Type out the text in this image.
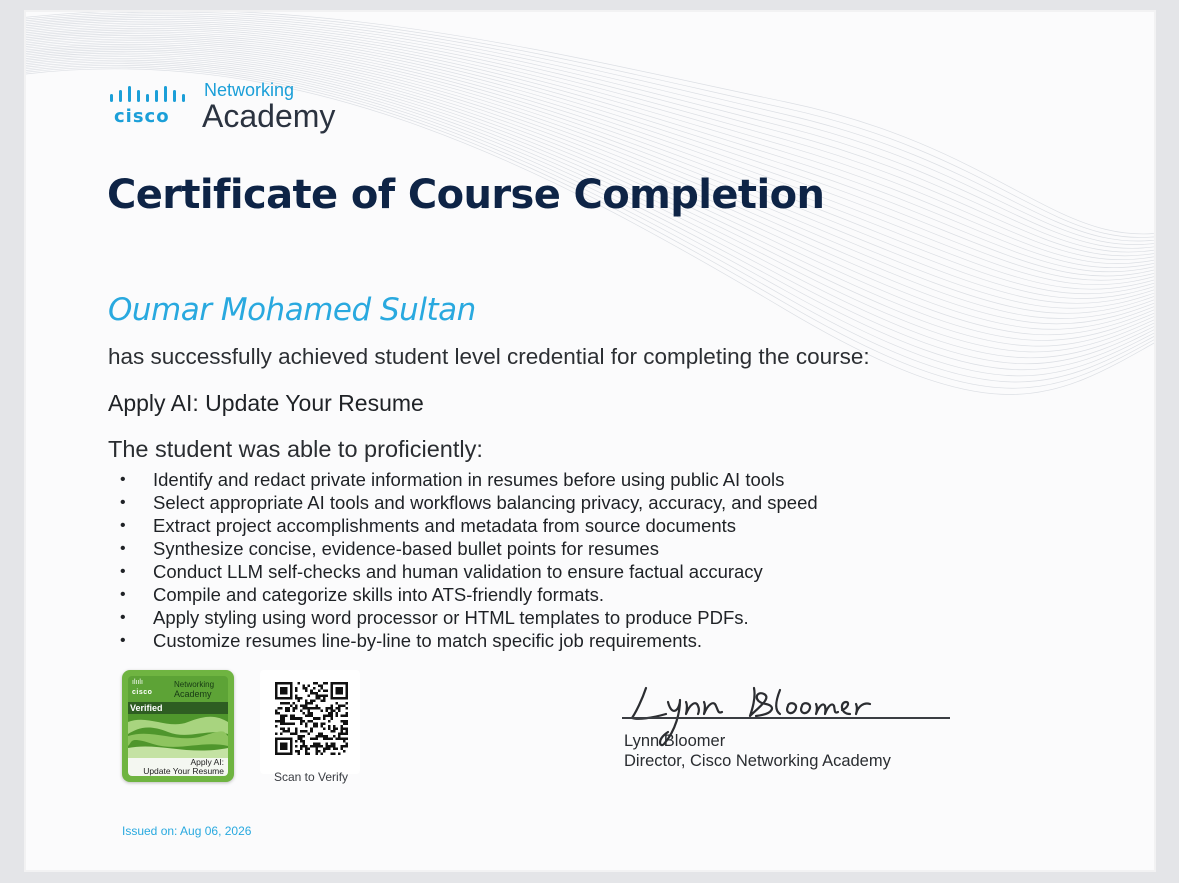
cisco
Networking
Academy
Certificate of Course Completion
Oumar Mohamed Sultan
has successfully achieved student level credential for completing the course:
Apply AI: Update Your Resume
The student was able to proficiently:
• Identify and redact private information in resumes before using public AI tools
• Select appropriate AI tools and workflows balancing privacy, accuracy, and speed
• Extract project accomplishments and metadata from source documents
• Synthesize concise, evidence-based bullet points for resumes
• Conduct LLM self-checks and human validation to ensure factual accuracy
• Compile and categorize skills into ATS-friendly formats.
• Apply styling using word processor or HTML templates to produce PDFs.
• Customize resumes line-by-line to match specific job requirements.
ılıılı
cisco
Networking
Academy
Verified
Apply AI:
Update Your Resume	Scan to Verify
Lynn Bloomer
Director, Cisco Networking Academy
Issued on: Aug 06, 2026
